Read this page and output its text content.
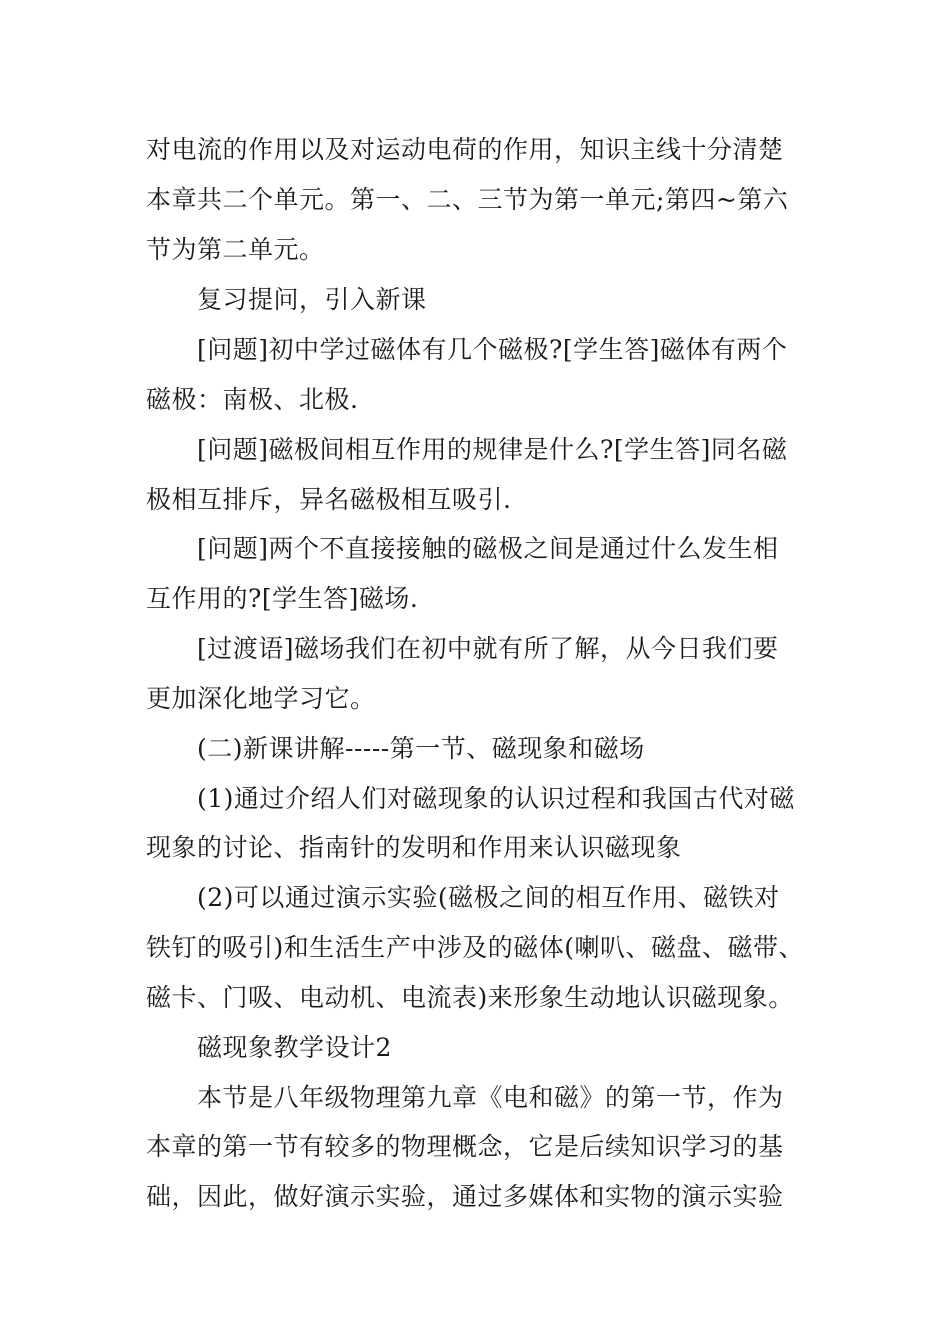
对电流的作用以及对运动电荷的作用，知识主线十分清楚
本章共二个单元。第一、二、三节为第一单元;第四~第六
节为第二单元。
复习提问，引入新课
[问题]初中学过磁体有几个磁极?[学生答]磁体有两个
磁极：南极、北极.
[问题]磁极间相互作用的规律是什么?[学生答]同名磁
极相互排斥，异名磁极相互吸引.
[问题]两个不直接接触的磁极之间是通过什么发生相
互作用的?[学生答]磁场.
[过渡语]磁场我们在初中就有所了解，从今日我们要
更加深化地学习它。
(二)新课讲解-----第一节、磁现象和磁场
(1)通过介绍人们对磁现象的认识过程和我国古代对磁
现象的讨论、指南针的发明和作用来认识磁现象
(2)可以通过演示实验(磁极之间的相互作用、磁铁对
铁钉的吸引)和生活生产中涉及的磁体(喇叭、磁盘、磁带、
磁卡、门吸、电动机、电流表)来形象生动地认识磁现象。
磁现象教学设计2
本节是八年级物理第九章《电和磁》的第一节，作为
本章的第一节有较多的物理概念，它是后续知识学习的基
础，因此，做好演示实验，通过多媒体和实物的演示实验
